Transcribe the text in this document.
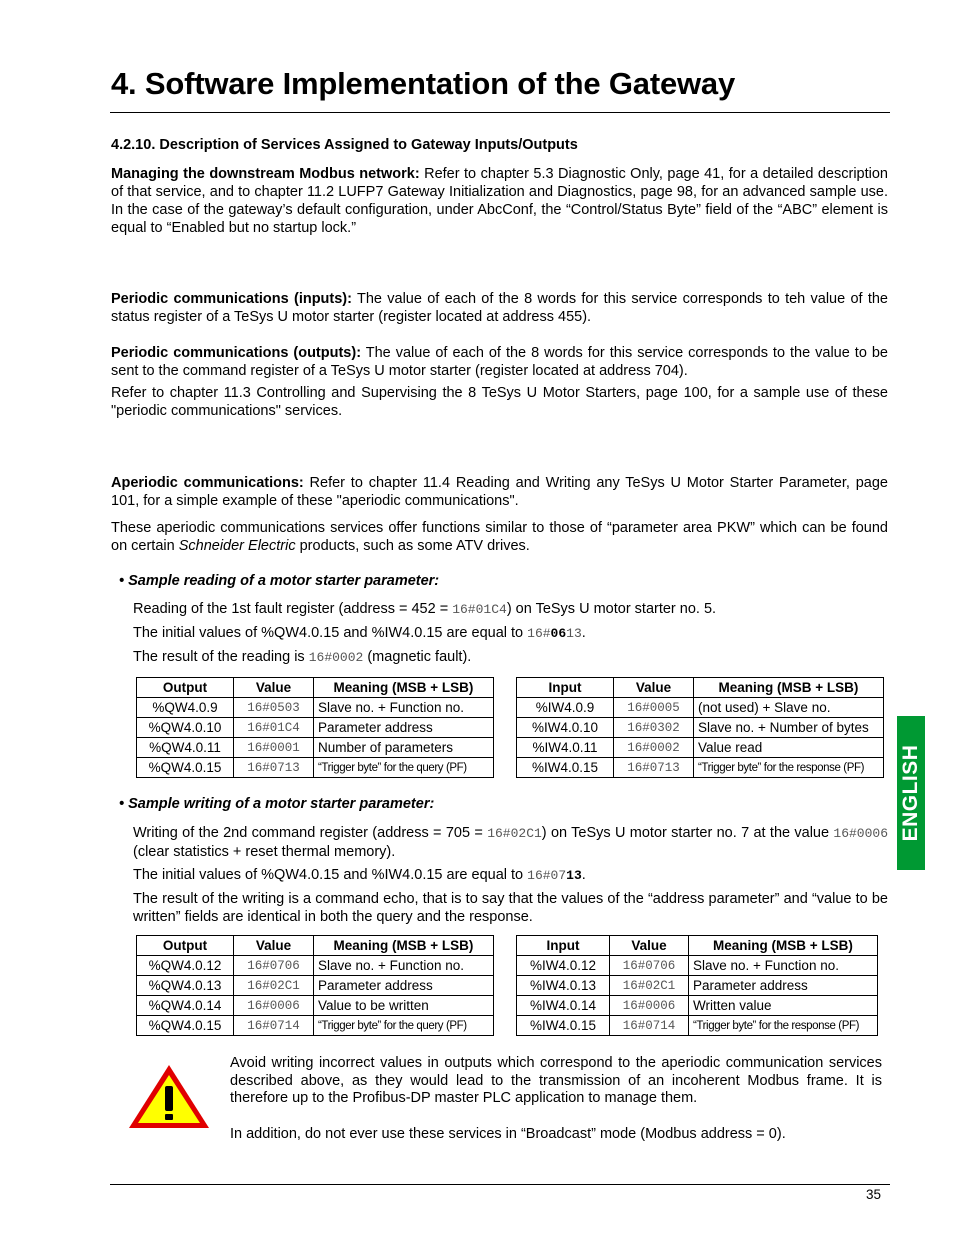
4. Software Implementation of the Gateway
4.2.10. Description of Services Assigned to Gateway Inputs/Outputs

Managing the downstream Modbus network: Refer to chapter 5.3 Diagnostic Only, page 41, for a detailed description of that service, and to chapter 11.2 LUFP7 Gateway Initialization and Diagnostics, page 98, for an advanced sample use. In the case of the gateway’s default configuration, under AbcConf, the “Control/Status Byte” field of the “ABC” element is equal to “Enabled but no startup lock.”

Periodic communications (inputs): The value of each of the 8 words for this service corresponds to teh value of the status register of a TeSys U motor starter (register located at address 455).

Periodic communications (outputs): The value of each of the 8 words for this service corresponds to the value to be sent to the command register of a TeSys U motor starter (register located at address 704).

Refer to chapter 11.3 Controlling and Supervising the 8 TeSys U Motor Starters, page 100, for a sample use of these "periodic communications" services.

Aperiodic communications: Refer to chapter 11.4 Reading and Writing any TeSys U Motor Starter Parameter, page 101, for a simple example of these "aperiodic communications".

These aperiodic communications services offer functions similar to those of “parameter area PKW” which can be found on certain Schneider Electric products, such as some ATV drives.

• Sample reading of a motor starter parameter:
Reading of the 1st fault register (address = 452 = 16#01C4) on TeSys U motor starter no. 5.
The initial values of %QW4.0.15 and %IW4.0.15 are equal to 16#0613.
The result of the reading is 16#0002 (magnetic fault).
Output	Value	Meaning (MSB + LSB)
%QW4.0.9	16#0503	Slave no. + Function no.
%QW4.0.10	16#01C4	Parameter address
%QW4.0.11	16#0001	Number of parameters
%QW4.0.15	16#0713	“Trigger byte” for the query (PF)
Input	Value	Meaning (MSB + LSB)
%IW4.0.9	16#0005	(not used) + Slave no.
%IW4.0.10	16#0302	Slave no. + Number of bytes
%IW4.0.11	16#0002	Value read
%IW4.0.15	16#0713	“Trigger byte” for the response (PF)
• Sample writing of a motor starter parameter:

Writing of the 2nd command register (address = 705 = 16#02C1) on TeSys U motor starter no. 7 at the value 16#0006 (clear statistics + reset thermal memory).

The initial values of %QW4.0.15 and %IW4.0.15 are equal to 16#0713.

The result of the writing is a command echo, that is to say that the values of the “address parameter” and “value to be written” fields are identical in both the query and the response.

Output	Value	Meaning (MSB + LSB)
%QW4.0.12	16#0706	Slave no. + Function no.
%QW4.0.13	16#02C1	Parameter address
%QW4.0.14	16#0006	Value to be written
%QW4.0.15	16#0714	“Trigger byte” for the query (PF)
Input	Value	Meaning (MSB + LSB)
%IW4.0.12	16#0706	Slave no. + Function no.
%IW4.0.13	16#02C1	Parameter address
%IW4.0.14	16#0006	Written value
%IW4.0.15	16#0714	“Trigger byte” for the response (PF)

Avoid writing incorrect values in outputs which correspond to the aperiodic communication services described above, as they would lead to the transmission of an incoherent Modbus frame. It is therefore up to the Profibus-DP master PLC application to manage them.

In addition, do not ever use these services in “Broadcast” mode (Modbus address = 0).

ENGLISH
35
